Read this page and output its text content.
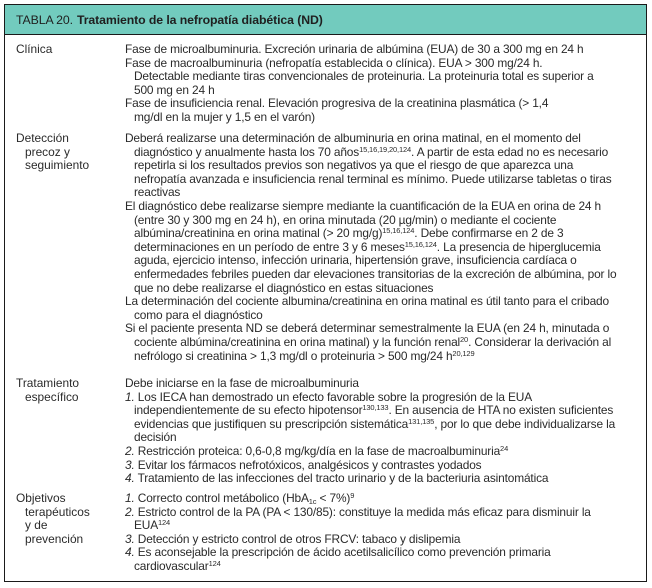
TABLA 20. Tratamiento de la nefropatía diabética (ND)
Clínica	Fase de microalbuminuria. Excreción urinaria de albúmina (EUA) de 30 a 300 mg en 24 h

Fase de macroalbuminuria (nefropatía establecida o clínica). EUA > 300 mg/24 h. Detectable mediante tiras convencionales de proteinuria. La proteinuria total es superior a 500 mg en 24 h

Fase de insuficiencia renal. Elevación progresiva de la creatinina plasmática (> 1,4 mg/dl en la mujer y 1,5 en el varón)

Detección
precoz y
seguimiento

Deberá realizarse una determinación de albuminuria en orina matinal, en el momento del diagnóstico y anualmente hasta los 70 años$^{15,16,19,20,124}$. A partir de esta edad no es necesario repetirla si los resultados previos son negativos ya que el riesgo de que aparezca una nefropatía avanzada e insuficiencia renal terminal es mínimo. Puede utilizarse tabletas o tiras reactivas

El diagnóstico debe realizarse siempre mediante la cuantificación de la EUA en orina de 24 h (entre 30 y 300 mg en 24 h), en orina minutada (20 µg/min) o mediante el cociente albúmina/creatinina en orina matinal (> 20 mg/g)$^{15,16,124}$. Debe confirmarse en 2 de 3 determinaciones en un período de entre 3 y 6 meses$^{15,16,124}$. La presencia de hiperglucemia aguda, ejercicio intenso, infección urinaria, hipertensión grave, insuficiencia cardíaca o enfermedades febriles pueden dar elevaciones transitorias de la excreción de albúmina, por lo que no debe realizarse el diagnóstico en estas situaciones

La determinación del cociente albumina/creatinina en orina matinal es útil tanto para el cribado como para el diagnóstico

Si el paciente presenta ND se deberá determinar semestralmente la EUA (en 24 h, minutada o cociente albúmina/creatinina en orina matinal) y la función renal$^{20}$. Considerar la derivación al nefrólogo si creatinina > 1,3 mg/dl o proteinuria > 500 mg/24 $h^{20,129}$

Tratamiento
específico

Debe iniciarse en la fase de microalbuminuria

1. Los IECA han demostrado un efecto favorable sobre la progresión de la EUA independientemente de su efecto hipotensor$^{130,133}$. En ausencia de HTA no existen suficientes evidencias que justifiquen su prescripción sistemática$^{131,135}$, por lo que debe individualizarse la decisión

2. Restricción proteica: 0,6-0,8 mg/kg/día en la fase de macroalbuminuria$^{24}$

3. Evitar los fármacos nefrotóxicos, analgésicos y contrastes yodados

4. Tratamiento de las infecciones del tracto urinario y de la bacteriuria asintomática

Objetivos
terapéuticos
y de
prevención

1. Correcto control metábolico (HbA$_{1c}$ < 7%)$^9$

2. Estricto control de la PA (PA < 130/85): constituye la medida más eficaz para disminuir la EUA$^{124}$

3. Detección y estricto control de otros FRCV: tabaco y dislipemia

4. Es aconsejable la prescripción de ácido acetilsalicílico como prevención primaria cardiovascular$^{124}$
